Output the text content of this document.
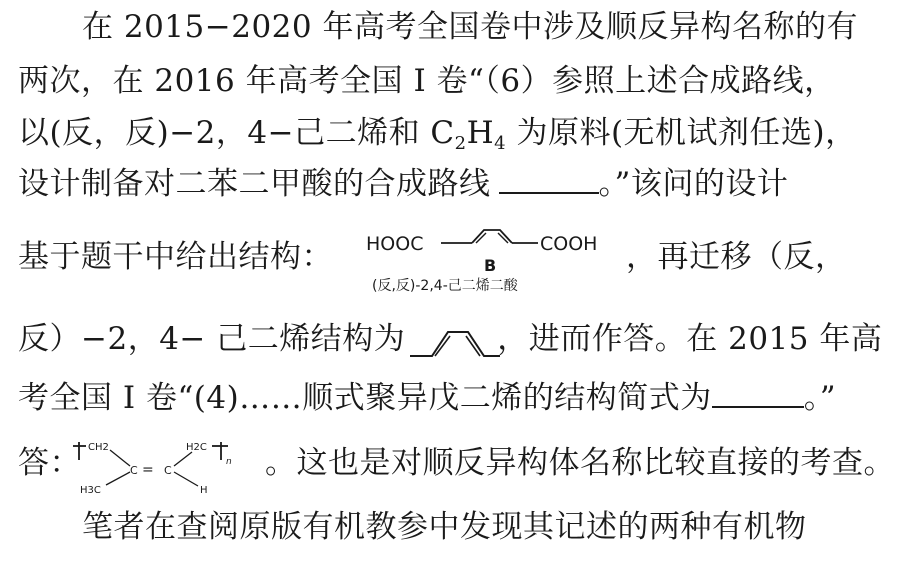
在 2015−2020 年高考全国卷中涉及顺反异构名称的有
两次，在 2016 年高考全国 I 卷“（6）参照上述合成路线，
以(反，反)−2，4−己二烯和 $C_2H_4$ 为原料(无机试剂任选)，
设计制备对二苯二甲酸的合成路线	。”该问的设计
基于题干中给出结构：	，再迁移（反，
HOOC	COOH
B
(反,反)-2,4-己二烯二酸
反）−2，4− 己二烯结构为	，进而作答。在 2015 年高
考全国 I 卷“(4)……顺式聚异戊二烯的结构简式为	。”
答：	。这也是对顺反异构体名称比较直接的考查。
CH2
H3C
C = C
H2C
H
n
笔者在查阅原版有机教参中发现其记述的两种有机物
